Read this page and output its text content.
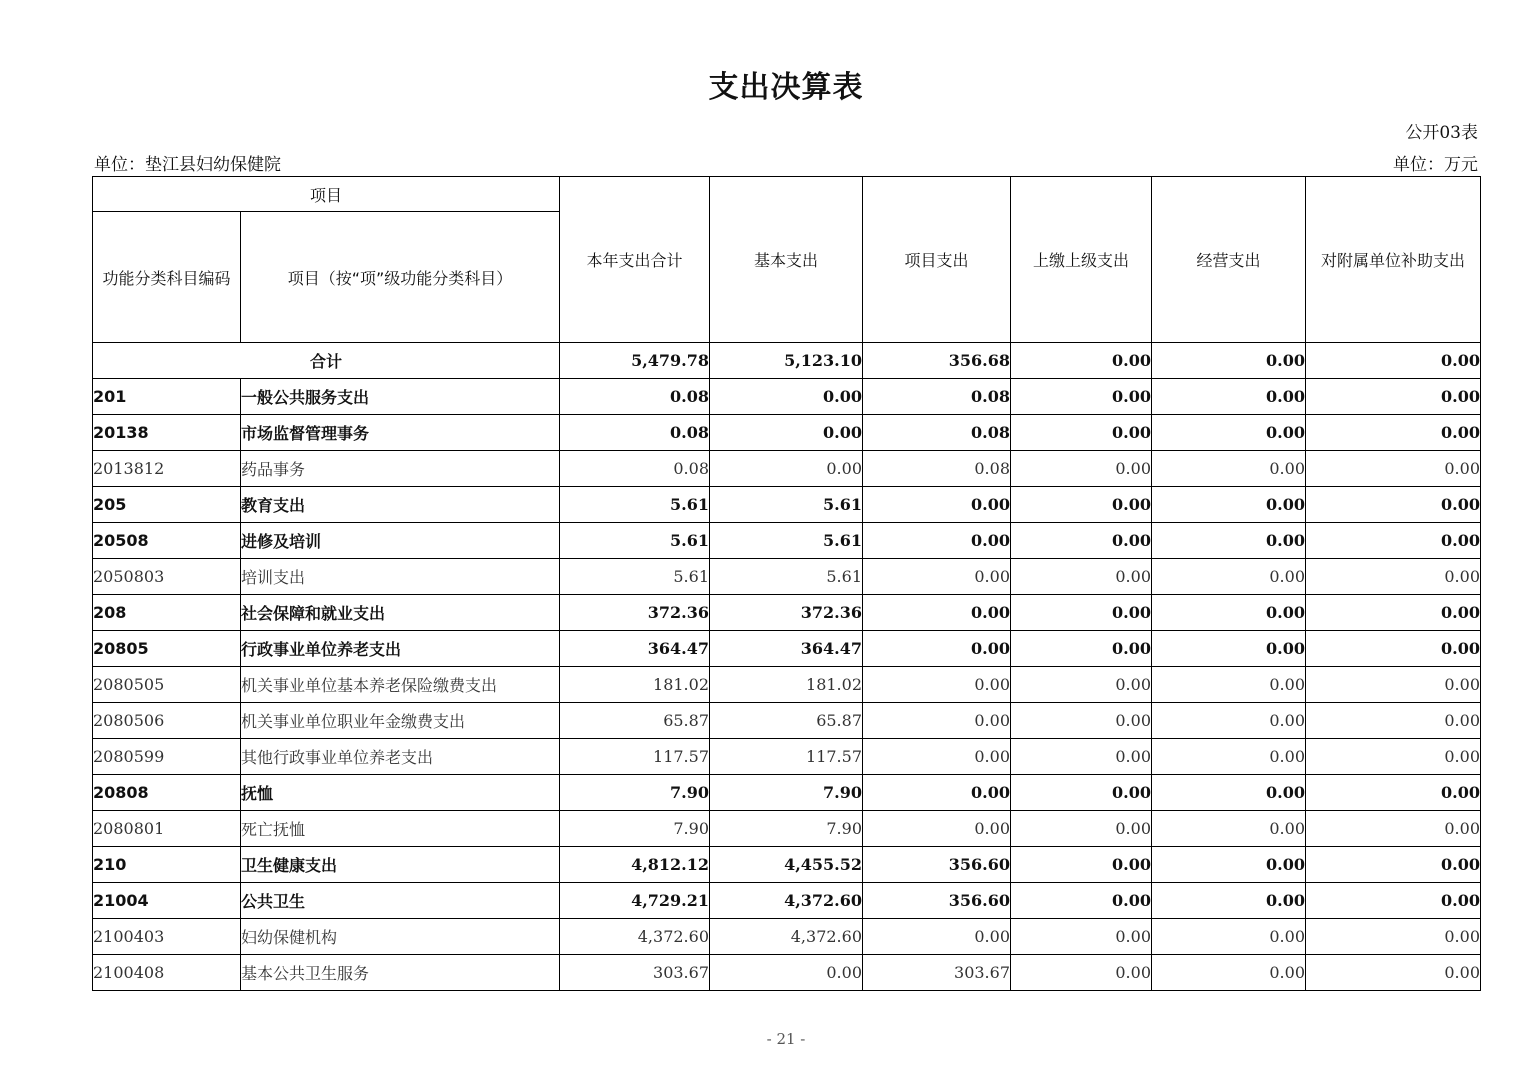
支出决算表
公开03表
单位：垫江县妇幼保健院	单位：万元
项目		本年支出合计	基本支出	项目支出	上缴上级支出	经营支出	对附属单位补助支出
功能分类科目编码	项目（按“项”级功能分类科目）						
合计		5,479.78	5,123.10	356.68	0.00	0.00	0.00
201	一般公共服务支出	0.08	0.00	0.08	0.00	0.00	0.00
20138	市场监督管理事务	0.08	0.00	0.08	0.00	0.00	0.00
2013812	药品事务	0.08	0.00	0.08	0.00	0.00	0.00
205	教育支出	5.61	5.61	0.00	0.00	0.00	0.00
20508	进修及培训	5.61	5.61	0.00	0.00	0.00	0.00
2050803	培训支出	5.61	5.61	0.00	0.00	0.00	0.00
208	社会保障和就业支出	372.36	372.36	0.00	0.00	0.00	0.00
20805	行政事业单位养老支出	364.47	364.47	0.00	0.00	0.00	0.00
2080505	机关事业单位基本养老保险缴费支出	181.02	181.02	0.00	0.00	0.00	0.00
2080506	机关事业单位职业年金缴费支出	65.87	65.87	0.00	0.00	0.00	0.00
2080599	其他行政事业单位养老支出	117.57	117.57	0.00	0.00	0.00	0.00
20808	抚恤	7.90	7.90	0.00	0.00	0.00	0.00
2080801	死亡抚恤	7.90	7.90	0.00	0.00	0.00	0.00
210	卫生健康支出	4,812.12	4,455.52	356.60	0.00	0.00	0.00
21004	公共卫生	4,729.21	4,372.60	356.60	0.00	0.00	0.00
2100403	妇幼保健机构	4,372.60	4,372.60	0.00	0.00	0.00	0.00
2100408	基本公共卫生服务	303.67	0.00	303.67	0.00	0.00	0.00
- 21 -
